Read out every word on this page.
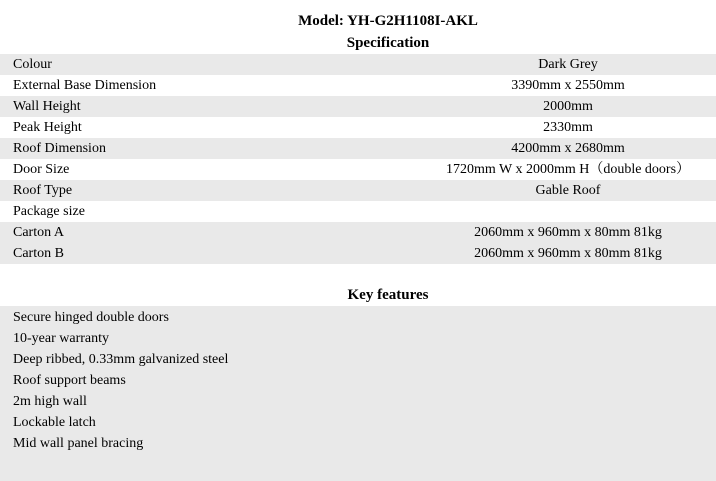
Model: YH-G2H1108I-AKL
Specification
Colour	Dark Grey
External Base Dimension	3390mm x 2550mm
Wall Height	2000mm
Peak Height	2330mm
Roof Dimension	4200mm x 2680mm
Door Size	1720mm W x 2000mm H（double doors）
Roof Type	Gable Roof
Package size
Carton A	2060mm x 960mm x 80mm 81kg
Carton B	2060mm x 960mm x 80mm 81kg
Key features
Secure hinged double doors
10-year warranty
Deep ribbed, 0.33mm galvanized steel
Roof support beams
2m high wall
Lockable latch
Mid wall panel bracing
